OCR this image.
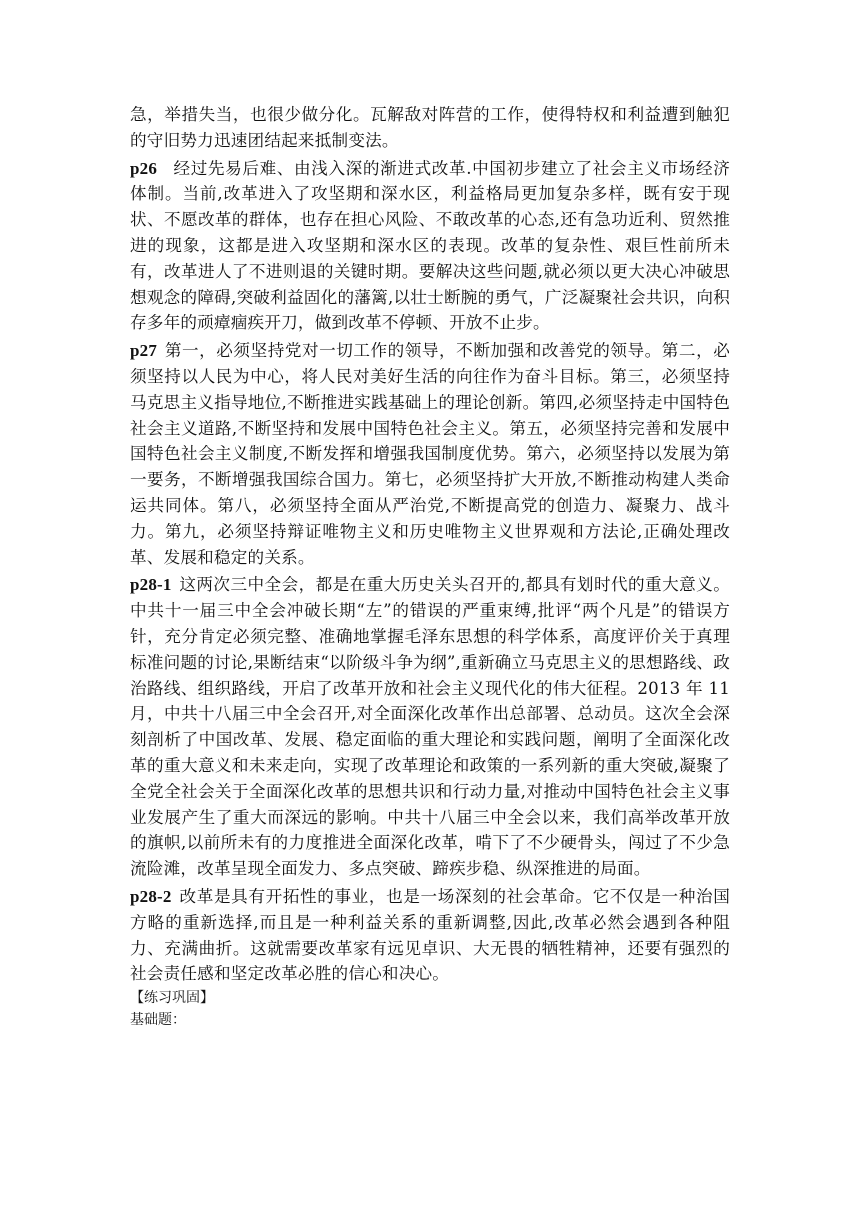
急，举措失当，也很少做分化。瓦解敌对阵营的工作，使得特权和利益遭到触犯的守旧势力迅速团结起来抵制变法。

p26 经过先易后难、由浅入深的渐进式改革.中国初步建立了社会主义市场经济体制。当前,改革进入了攻坚期和深水区，利益格局更加复杂多样，既有安于现状、不愿改革的群体，也存在担心风险、不敢改革的心态,还有急功近利、贸然推进的现象，这都是进入攻坚期和深水区的表现。改革的复杂性、艰巨性前所未有，改革进人了不进则退的关键时期。要解决这些问题,就必须以更大决心冲破思想观念的障碍,突破利益固化的藩篱,以壮士断腕的勇气，广泛凝聚社会共识，向积存多年的顽瘴痼疾开刀，做到改革不停顿、开放不止步。

p27 第一，必须坚持党对一切工作的领导，不断加强和改善党的领导。第二，必须坚持以人民为中心，将人民对美好生活的向往作为奋斗目标。第三，必须坚持马克思主义指导地位,不断推进实践基础上的理论创新。第四,必须坚持走中国特色社会主义道路,不断坚持和发展中国特色社会主义。第五，必须坚持完善和发展中国特色社会主义制度,不断发挥和增强我国制度优势。第六，必须坚持以发展为第一要务，不断增强我国综合国力。第七，必须坚持扩大开放,不断推动构建人类命运共同体。第八，必须坚持全面从严治党,不断提高党的创造力、凝聚力、战斗力。第九，必须坚持辩证唯物主义和历史唯物主义世界观和方法论,正确处理改革、发展和稳定的关系。

p28-1 这两次三中全会，都是在重大历史关头召开的,都具有划时代的重大意义。中共十一届三中全会冲破长期“左”的错误的严重束缚,批评“两个凡是”的错误方针，充分肯定必须完整、准确地掌握毛泽东思想的科学体系，高度评价关于真理标准问题的讨论,果断结束“以阶级斗争为纲”,重新确立马克思主义的思想路线、政治路线、组织路线，开启了改革开放和社会主义现代化的伟大征程。2013 年 11 月，中共十八届三中全会召开,对全面深化改革作出总部署、总动员。这次全会深刻剖析了中国改革、发展、稳定面临的重大理论和实践问题，阐明了全面深化改革的重大意义和未来走向，实现了改革理论和政策的一系列新的重大突破,凝聚了全党全社会关于全面深化改革的思想共识和行动力量,对推动中国特色社会主义事业发展产生了重大而深远的影响。中共十八届三中全会以来，我们高举改革开放的旗帜,以前所未有的力度推进全面深化改革，啃下了不少硬骨头，闯过了不少急流险滩，改革呈现全面发力、多点突破、蹄疾步稳、纵深推进的局面。

p28-2 改革是具有开拓性的事业，也是一场深刻的社会革命。它不仅是一种治国方略的重新选择,而且是一种利益关系的重新调整,因此,改革必然会遇到各种阻力、充满曲折。这就需要改革家有远见卓识、大无畏的牺牲精神，还要有强烈的社会责任感和坚定改革必胜的信心和决心。

【练习巩固】

基础题：
